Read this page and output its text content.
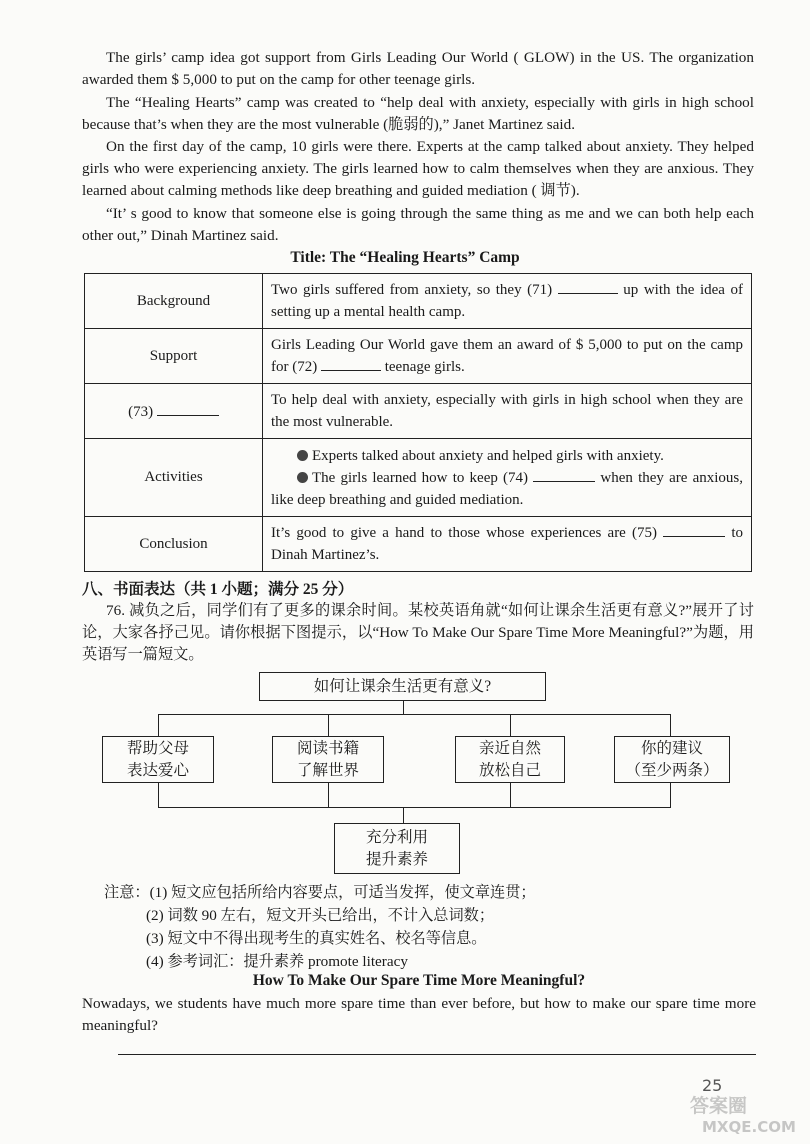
The girls’ camp idea got support from Girls Leading Our World ( GLOW) in the US. The organization awarded them $ 5,000 to put on the camp for other teenage girls.

The “Healing Hearts” camp was created to “help deal with anxiety, especially with girls in high school because that’s when they are the most vulnerable (脆弱的),” Janet Martinez said.

On the first day of the camp, 10 girls were there. Experts at the camp talked about anxiety. They helped girls who were experiencing anxiety. The girls learned how to calm themselves when they are anxious. They learned about calming methods like deep breathing and guided mediation ( 调节).

“It’ s good to know that someone else is going through the same thing as me and we can both help each other out,” Dinah Martinez said.

Title: The “Healing Hearts” Camp
Background	Two girls suffered from anxiety, so they (71) up with the idea of setting up a mental health camp.
Support	Girls Leading Our World gave them an award of $ 5,000 to put on the camp for (72) teenage girls.
(73)	To help deal with anxiety, especially with girls in high school when they are the most vulnerable.
Activities	Experts talked about anxiety and helped girls with anxiety.
The girls learned how to keep (74) when they are anxious, like deep breathing and guided mediation.

Conclusion	It’s good to give a hand to those whose experiences are (75) to Dinah Martinez’s.
八、书面表达（共 1 小题；满分 25 分）

76. 减负之后，同学们有了更多的课余时间。某校英语角就“如何让课余生活更有意义?”展开了讨论，大家各抒己见。请你根据下图提示，以“How To Make Our Spare Time More Meaningful?”为题，用英语写一篇短文。

如何让课余生活更有意义?
帮助父母
表达爱心
阅读书籍
了解世界
亲近自然
放松自己
你的建议
（至少两条）
充分利用
提升素养
注意：(1) 短文应包括所给内容要点，可适当发挥，使文章连贯；
(2) 词数 90 左右，短文开头已给出，不计入总词数；
(3) 短文中不得出现考生的真实姓名、校名等信息。
(4) 参考词汇：提升素养 promote literacy
How To Make Our Spare Time More Meaningful?

Nowadays, we students have much more spare time than ever before, but how to make our spare time more meaningful?

25
答案圈 MXQE.COM
